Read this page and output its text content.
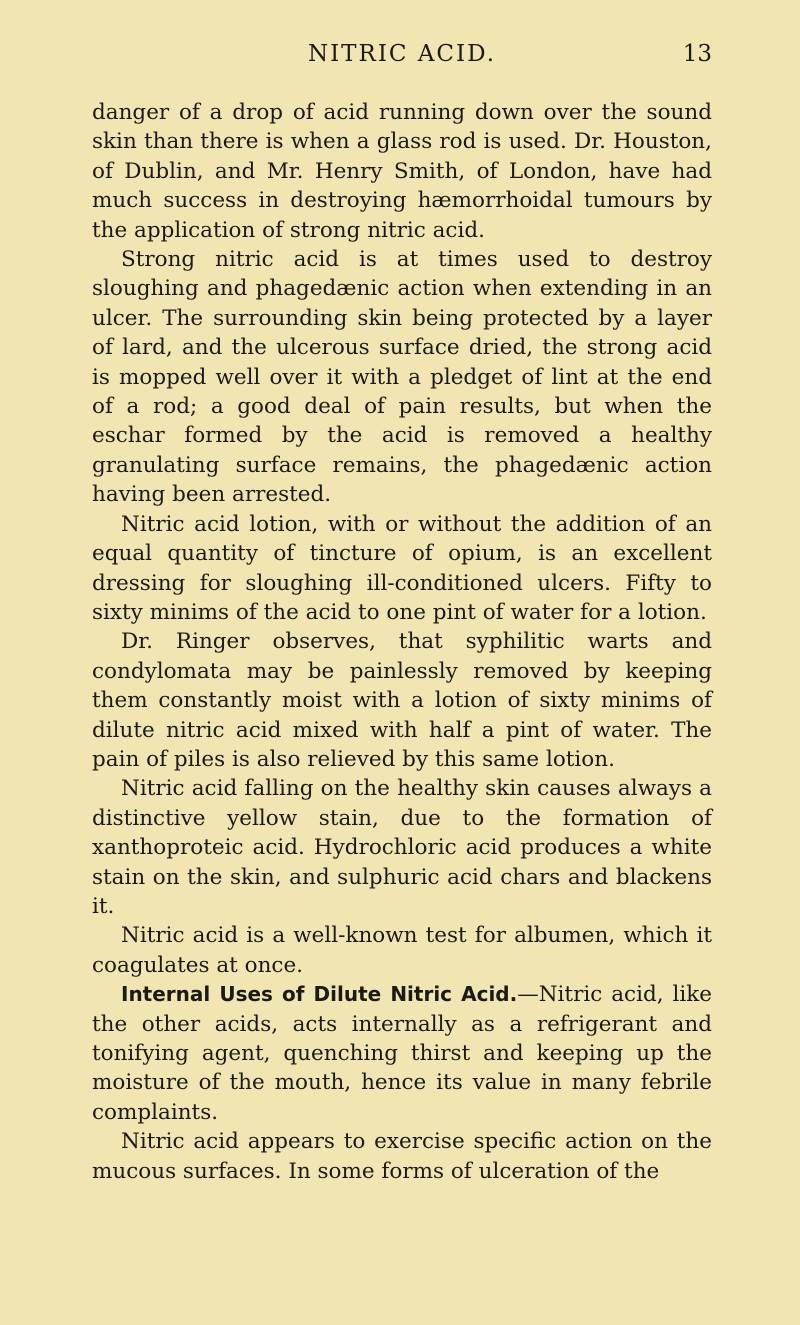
NITRIC ACID.	13

danger of a drop of acid running down over the sound skin than there is when a glass rod is used. Dr. Houston, of Dublin, and Mr. Henry Smith, of London, have had much success in destroying hæmorrhoidal tumours by the application of strong nitric acid.

Strong nitric acid is at times used to destroy sloughing and phagedænic action when extending in an ulcer. The surrounding skin being protected by a layer of lard, and the ulcerous surface dried, the strong acid is mopped well over it with a pledget of lint at the end of a rod; a good deal of pain results, but when the eschar formed by the acid is removed a healthy granulating surface remains, the phagedænic action having been arrested.

Nitric acid lotion, with or without the addition of an equal quantity of tincture of opium, is an excellent dressing for sloughing ill-conditioned ulcers. Fifty to sixty minims of the acid to one pint of water for a lotion.

Dr. Ringer observes, that syphilitic warts and condylomata may be painlessly removed by keeping them constantly moist with a lotion of sixty minims of dilute nitric acid mixed with half a pint of water. The pain of piles is also relieved by this same lotion.

Nitric acid falling on the healthy skin causes always a distinctive yellow stain, due to the formation of xanthoproteic acid. Hydrochloric acid produces a white stain on the skin, and sulphuric acid chars and blackens it.

Nitric acid is a well-known test for albumen, which it coagulates at once.

Internal Uses of Dilute Nitric Acid.—Nitric acid, like the other acids, acts internally as a refrigerant and tonifying agent, quenching thirst and keeping up the moisture of the mouth, hence its value in many febrile complaints.

Nitric acid appears to exercise specific action on the mucous surfaces. In some forms of ulceration of the
